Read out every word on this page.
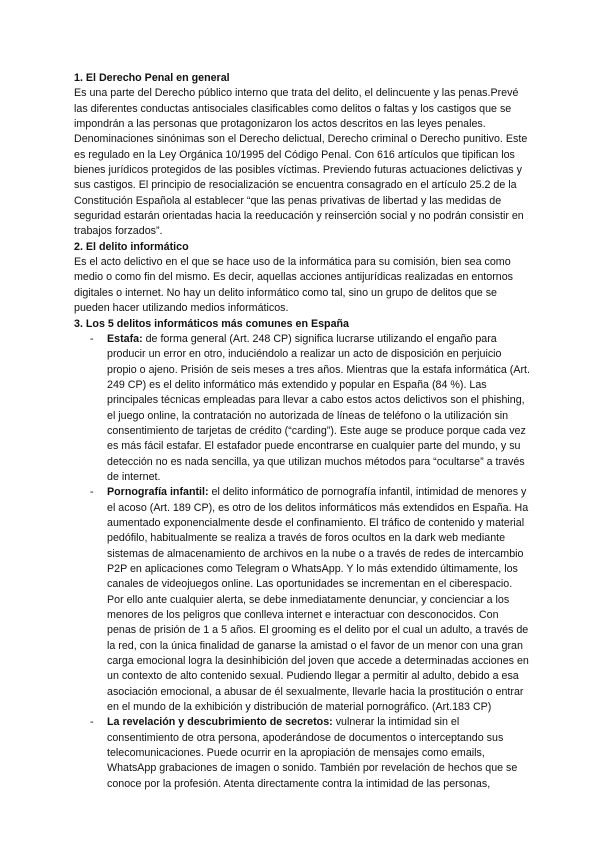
1. El Derecho Penal en general

Es una parte del Derecho público interno que trata del delito, el delincuente y las penas.Prevé las diferentes conductas antisociales clasificables como delitos o faltas y los castigos que se impondrán a las personas que protagonizaron los actos descritos en las leyes penales. Denominaciones sinónimas son el Derecho delictual, Derecho criminal o Derecho punitivo. Este es regulado en la Ley Orgánica 10/1995 del Código Penal. Con 616 artículos que tipifican los bienes jurídicos protegidos de las posibles víctimas. Previendo futuras actuaciones delictivas y sus castigos. El principio de resocialización se encuentra consagrado en el artículo 25.2 de la Constitución Española al establecer “que las penas privativas de libertad y las medidas de seguridad estarán orientadas hacia la reeducación y reinserción social y no podrán consistir en trabajos forzados”.

2. El delito informático

Es el acto delictivo en el que se hace uso de la informática para su comisión, bien sea como medio o como fin del mismo. Es decir, aquellas acciones antijurídicas realizadas en entornos digitales o internet. No hay un delito informático como tal, sino un grupo de delitos que se pueden hacer utilizando medios informáticos.

3. Los 5 delitos informáticos más comunes en España
- Estafa: de forma general (Art. 248 CP) significa lucrarse utilizando el engaño para producir un error en otro, induciéndolo a realizar un acto de disposición en perjuicio propio o ajeno. Prisión de seis meses a tres años. Mientras que la estafa informática (Art. 249 CP) es el delito informático más extendido y popular en España (84 %). Las principales técnicas empleadas para llevar a cabo estos actos delictivos son el phishing, el juego online, la contratación no autorizada de líneas de teléfono o la utilización sin consentimiento de tarjetas de crédito (“carding”). Este auge se produce porque cada vez es más fácil estafar. El estafador puede encontrarse en cualquier parte del mundo, y su detección no es nada sencilla, ya que utilizan muchos métodos para “ocultarse” a través de internet.
- Pornografía infantil: el delito informático de pornografía infantil, intimidad de menores y el acoso (Art. 189 CP), es otro de los delitos informáticos más extendidos en España. Ha aumentado exponencialmente desde el confinamiento. El tráfico de contenido y material pedófilo, habitualmente se realiza a través de foros ocultos en la dark web mediante sistemas de almacenamiento de archivos en la nube o a través de redes de intercambio P2P en aplicaciones como Telegram o WhatsApp. Y lo más extendido últimamente, los canales de videojuegos online. Las oportunidades se incrementan en el ciberespacio. Por ello ante cualquier alerta, se debe inmediatamente denunciar, y concienciar a los menores de los peligros que conlleva internet e interactuar con desconocidos. Con penas de prisión de 1 a 5 años. El grooming es el delito por el cual un adulto, a través de la red, con la única finalidad de ganarse la amistad o el favor de un menor con una gran carga emocional logra la desinhibición del joven que accede a determinadas acciones en un contexto de alto contenido sexual. Pudiendo llegar a permitir al adulto, debido a esa asociación emocional, a abusar de él sexualmente, llevarle hacia la prostitución o entrar en el mundo de la exhibición y distribución de material pornográfico. (Art.183 CP)
- La revelación y descubrimiento de secretos: vulnerar la intimidad sin el consentimiento de otra persona, apoderándose de documentos o interceptando sus telecomunicaciones. Puede ocurrir en la apropiación de mensajes como emails, WhatsApp grabaciones de imagen o sonido. También por revelación de hechos que se conoce por la profesión. Atenta directamente contra la intimidad de las personas,
